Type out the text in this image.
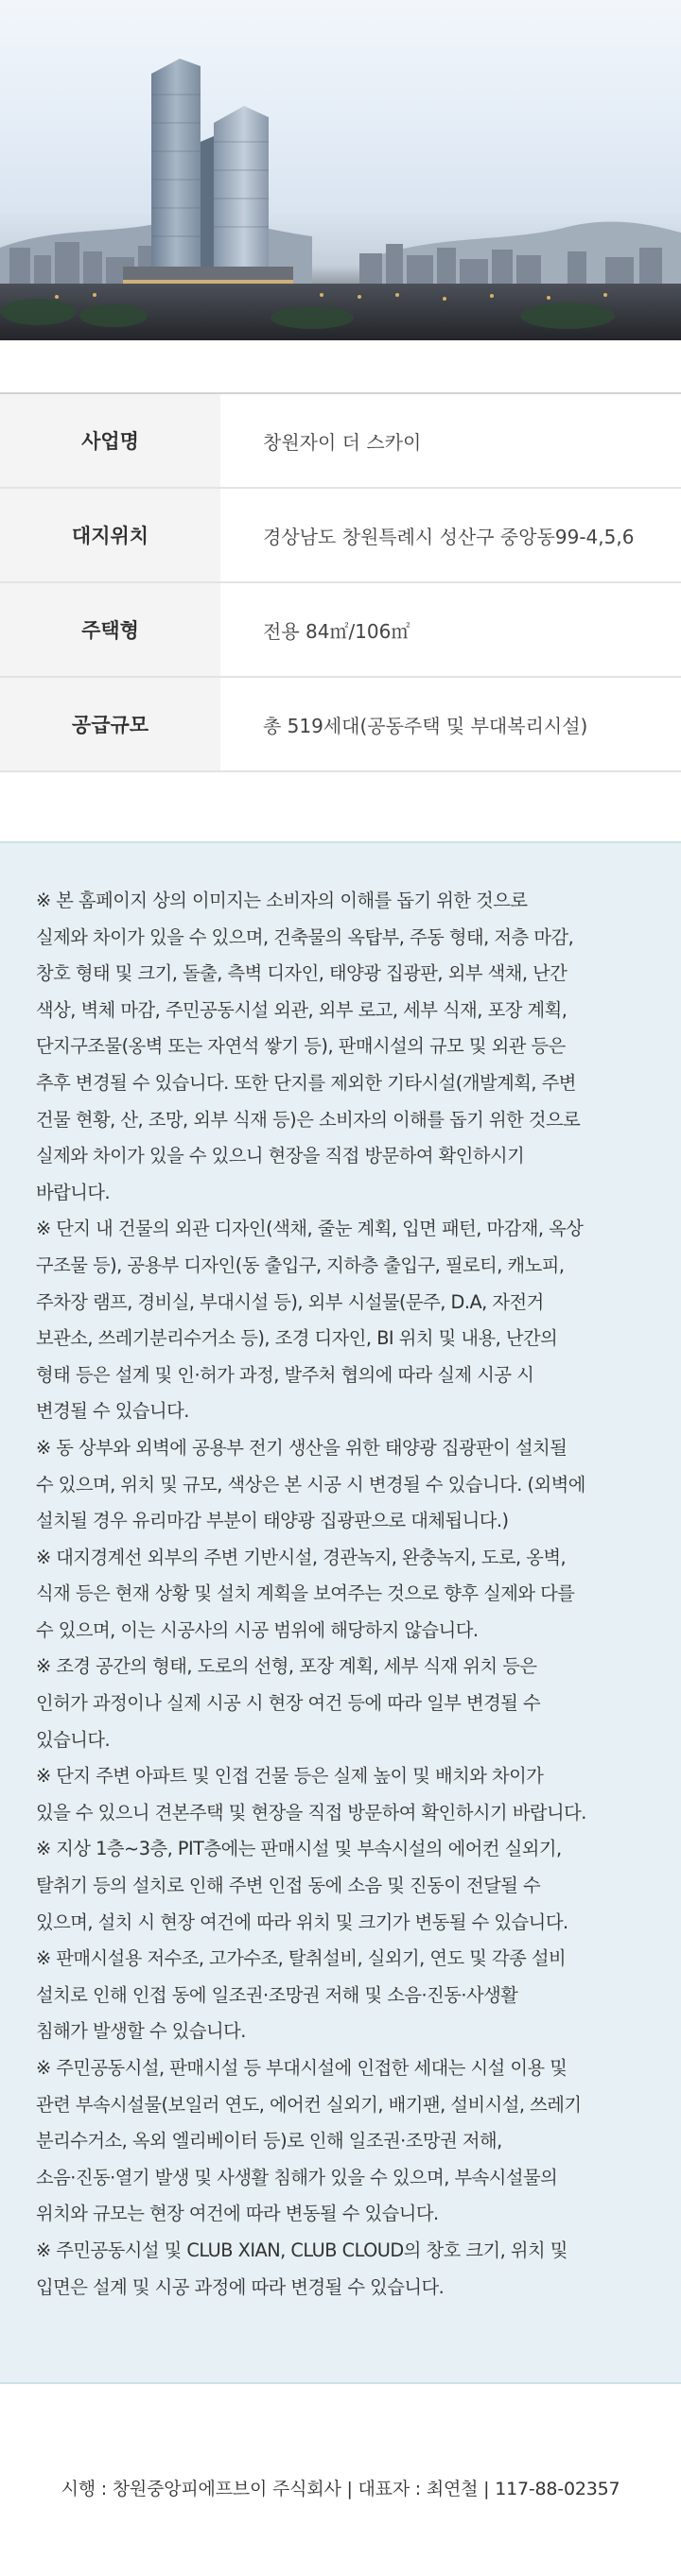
사업명	창원자이 더 스카이
대지위치	경상남도 창원특례시 성산구 중앙동99-4,5,6
주택형	전용 84㎡/106㎡
공급규모	총 519세대(공동주택 및 부대복리시설)

※ 본 홈페이지 상의 이미지는 소비자의 이해를 돕기 위한 것으로

실제와 차이가 있을 수 있으며, 건축물의 옥탑부, 주동 형태, 저층 마감,

창호 형태 및 크기, 돌출, 측벽 디자인, 태양광 집광판, 외부 색채, 난간

색상, 벽체 마감, 주민공동시설 외관, 외부 로고, 세부 식재, 포장 계획,

단지구조물(옹벽 또는 자연석 쌓기 등), 판매시설의 규모 및 외관 등은

추후 변경될 수 있습니다. 또한 단지를 제외한 기타시설(개발계획, 주변

건물 현황, 산, 조망, 외부 식재 등)은 소비자의 이해를 돕기 위한 것으로

실제와 차이가 있을 수 있으니 현장을 직접 방문하여 확인하시기

바랍니다.

※ 단지 내 건물의 외관 디자인(색채, 줄눈 계획, 입면 패턴, 마감재, 옥상

구조물 등), 공용부 디자인(동 출입구, 지하층 출입구, 필로티, 캐노피,

주차장 램프, 경비실, 부대시설 등), 외부 시설물(문주, D.A, 자전거

보관소, 쓰레기분리수거소 등), 조경 디자인, BI 위치 및 내용, 난간의

형태 등은 설계 및 인·허가 과정, 발주처 협의에 따라 실제 시공 시

변경될 수 있습니다.

※ 동 상부와 외벽에 공용부 전기 생산을 위한 태양광 집광판이 설치될

수 있으며, 위치 및 규모, 색상은 본 시공 시 변경될 수 있습니다. (외벽에

설치될 경우 유리마감 부분이 태양광 집광판으로 대체됩니다.)

※ 대지경계선 외부의 주변 기반시설, 경관녹지, 완충녹지, 도로, 옹벽,

식재 등은 현재 상황 및 설치 계획을 보여주는 것으로 향후 실제와 다를

수 있으며, 이는 시공사의 시공 범위에 해당하지 않습니다.

※ 조경 공간의 형태, 도로의 선형, 포장 계획, 세부 식재 위치 등은

인허가 과정이나 실제 시공 시 현장 여건 등에 따라 일부 변경될 수

있습니다.

※ 단지 주변 아파트 및 인접 건물 등은 실제 높이 및 배치와 차이가

있을 수 있으니 견본주택 및 현장을 직접 방문하여 확인하시기 바랍니다.

※ 지상 1층~3층, PIT층에는 판매시설 및 부속시설의 에어컨 실외기,

탈취기 등의 설치로 인해 주변 인접 동에 소음 및 진동이 전달될 수

있으며, 설치 시 현장 여건에 따라 위치 및 크기가 변동될 수 있습니다.

※ 판매시설용 저수조, 고가수조, 탈취설비, 실외기, 연도 및 각종 설비

설치로 인해 인접 동에 일조권·조망권 저해 및 소음·진동·사생활

침해가 발생할 수 있습니다.

※ 주민공동시설, 판매시설 등 부대시설에 인접한 세대는 시설 이용 및

관련 부속시설물(보일러 연도, 에어컨 실외기, 배기팬, 설비시설, 쓰레기

분리수거소, 옥외 엘리베이터 등)로 인해 일조권·조망권 저해,

소음·진동·열기 발생 및 사생활 침해가 있을 수 있으며, 부속시설물의

위치와 규모는 현장 여건에 따라 변동될 수 있습니다.

※ 주민공동시설 및 CLUB XIAN, CLUB CLOUD의 창호 크기, 위치 및

입면은 설계 및 시공 과정에 따라 변경될 수 있습니다.

시행 : 창원중앙피에프브이 주식회사 | 대표자 : 최연철 | 117-88-02357
